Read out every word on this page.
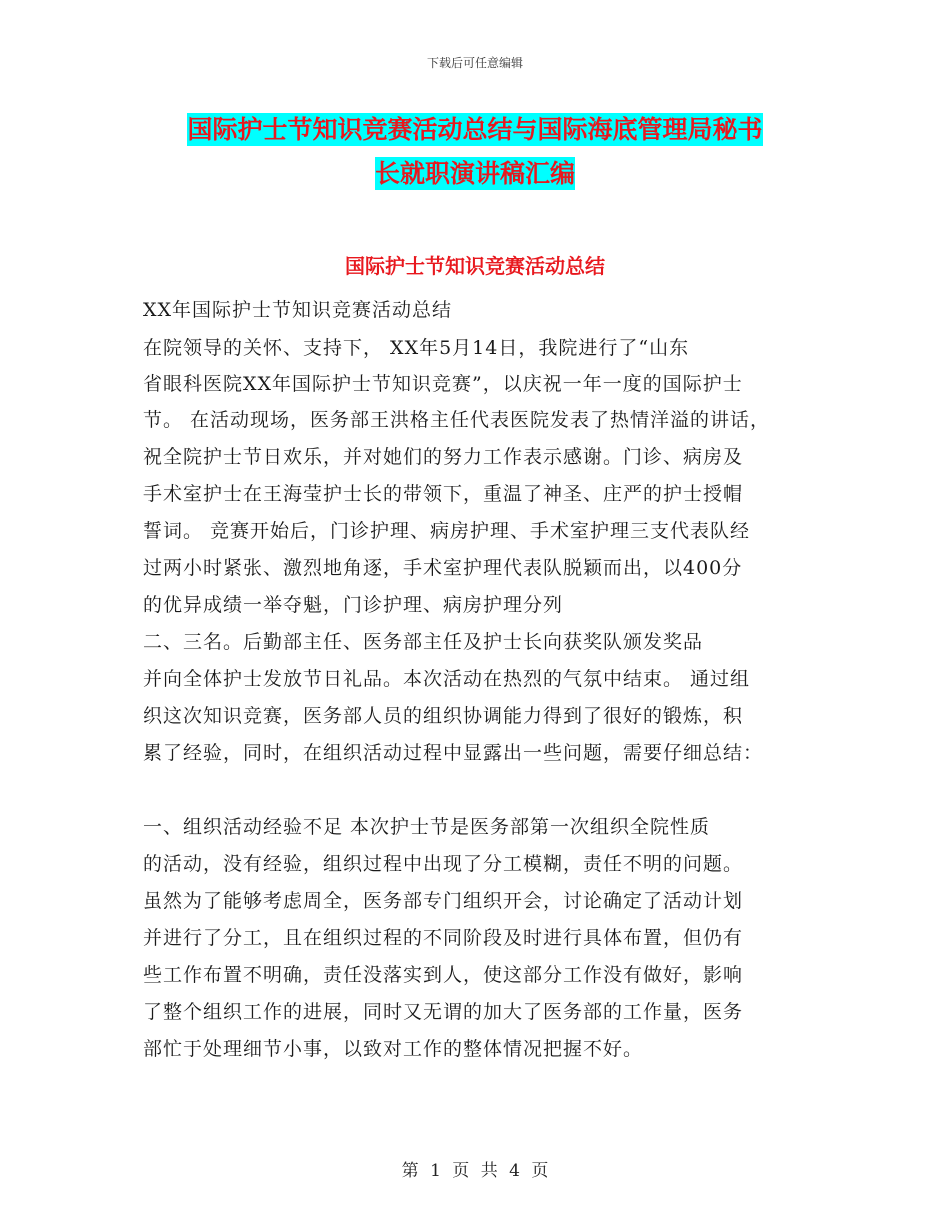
下载后可任意编辑
国际护士节知识竞赛活动总结与国际海底管理局秘书
长就职演讲稿汇编
国际护士节知识竞赛活动总结
XX年国际护士节知识竞赛活动总结
在院领导的关怀、支持下， XX年5月14日，我院进行了“山东
省眼科医院XX年国际护士节知识竞赛”，以庆祝一年一度的国际护士
节。 在活动现场，医务部王洪格主任代表医院发表了热情洋溢的讲话，
祝全院护士节日欢乐，并对她们的努力工作表示感谢。门诊、病房及
手术室护士在王海莹护士长的带领下，重温了神圣、庄严的护士授帽
誓词。 竞赛开始后，门诊护理、病房护理、手术室护理三支代表队经
过两小时紧张、激烈地角逐，手术室护理代表队脱颖而出，以400分
的优异成绩一举夺魁，门诊护理、病房护理分列
二、三名。后勤部主任、医务部主任及护士长向获奖队颁发奖品
并向全体护士发放节日礼品。本次活动在热烈的气氛中结束。 通过组
织这次知识竞赛，医务部人员的组织协调能力得到了很好的锻炼，积
累了经验，同时，在组织活动过程中显露出一些问题，需要仔细总结：
一、组织活动经验不足 本次护士节是医务部第一次组织全院性质
的活动，没有经验，组织过程中出现了分工模糊，责任不明的问题。
虽然为了能够考虑周全，医务部专门组织开会，讨论确定了活动计划
并进行了分工，且在组织过程的不同阶段及时进行具体布置，但仍有
些工作布置不明确，责任没落实到人，使这部分工作没有做好，影响
了整个组织工作的进展，同时又无谓的加大了医务部的工作量，医务
部忙于处理细节小事，以致对工作的整体情况把握不好。
第 1 页 共 4 页
